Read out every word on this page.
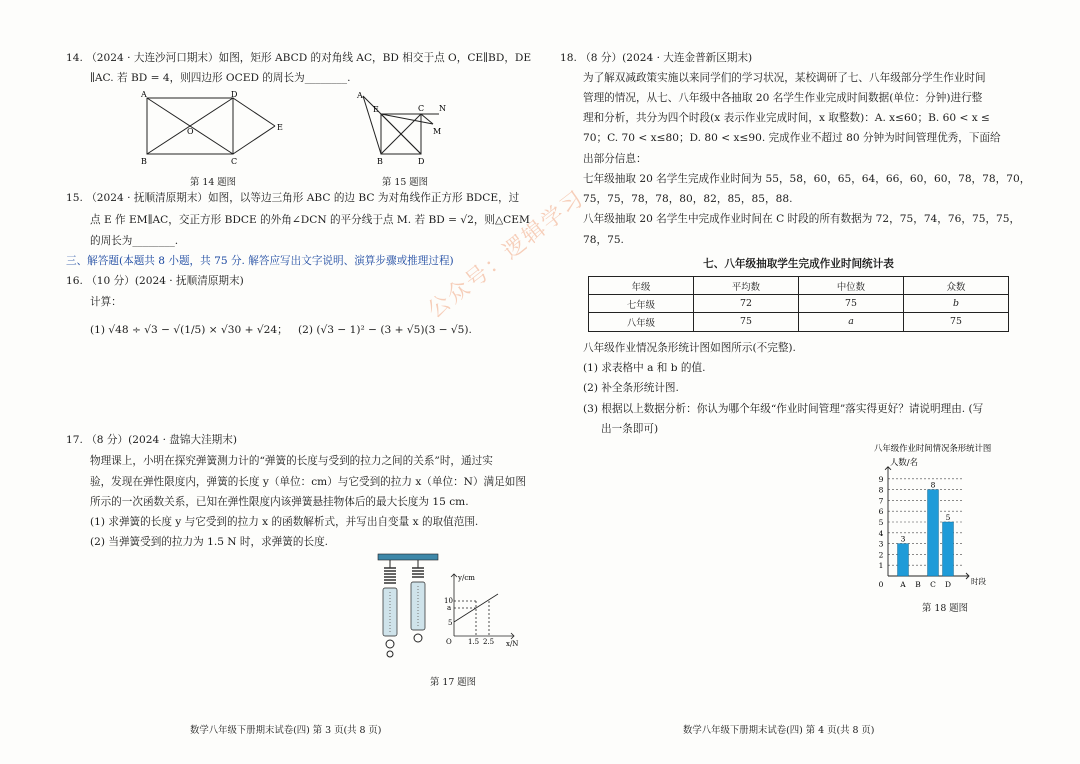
14. （2024 · 大连沙河口期末）如图，矩形 ABCD 的对角线 AC，BD 相交于点 O，CE∥BD，DE
∥AC. 若 BD = 4，则四边形 OCED 的周长为________.
A	D
O	E
B	C
A
E	C N
M
B	D
第 14 题图	第 15 题图
15. （2024 · 抚顺清原期末）如图，以等边三角形 ABC 的边 BC 为对角线作正方形 BDCE，过
点 E 作 EM∥AC，交正方形 BDCE 的外角∠DCN 的平分线于点 M. 若 BD = √2，则△CEM
的周长为________.
三、解答题(本题共 8 小题，共 75 分. 解答应写出文字说明、演算步骤或推理过程)
16. （10 分）(2024 · 抚顺清原期末)
计算：
(1) √48 ÷ √3 − √(1/5) × √30 + √24； (2) (√3 − 1)² − (3 + √5)(3 − √5).
17. （8 分）(2024 · 盘锦大洼期末)
物理课上，小明在探究弹簧测力计的“弹簧的长度与受到的拉力之间的关系”时，通过实
验，发现在弹性限度内，弹簧的长度 y（单位：cm）与它受到的拉力 x（单位：N）满足如图
所示的一次函数关系，已知在弹性限度内该弹簧悬挂物体后的最大长度为 15 cm.
(1) 求弹簧的长度 y 与它受到的拉力 x 的函数解析式，并写出自变量 x 的取值范围.
(2) 当弹簧受到的拉力为 1.5 N 时，求弹簧的长度.
y/cm
x/N
10
a
5
O 1.5 2.5
第 17 题图
数学八年级下册期末试卷(四) 第 3 页(共 8 页)
18. （8 分）(2024 · 大连金普新区期末)
为了解双减政策实施以来同学们的学习状况，某校调研了七、八年级部分学生作业时间
管理的情况，从七、八年级中各抽取 20 名学生作业完成时间数据(单位：分钟)进行整
理和分析，共分为四个时段(x 表示作业完成时间，x 取整数)：A. x≤60；B. 60 < x ≤
70；C. 70 < x≤80；D. 80 < x≤90. 完成作业不超过 80 分钟为时间管理优秀，下面给
出部分信息：
七年级抽取 20 名学生完成作业时间为 55，58，60，65，64，66，60，60，78，78，70，
75，75，78，78，80，82，85，85，88.
八年级抽取 20 名学生中完成作业时间在 C 时段的所有数据为 72，75，74，76，75，75，
78，75.
七、八年级抽取学生完成作业时间统计表
年级	平均数	中位数	众数
七年级	72	75	b
八年级	75	a	75
八年级作业情况条形统计图如图所示(不完整).
(1) 求表格中 a 和 b 的值.
(2) 补全条形统计图.
(3) 根据以上数据分析：你认为哪个年级“作业时间管理”落实得更好？请说明理由. (写
出一条即可)
八年级作业时间情况条形统计图
人数/名
1
2
3
4
5
6
7
8
9
0
3
A B
8
C
5
D	时段
第 18 题图
数学八年级下册期末试卷(四) 第 4 页(共 8 页)
公众号：逻辑学习
